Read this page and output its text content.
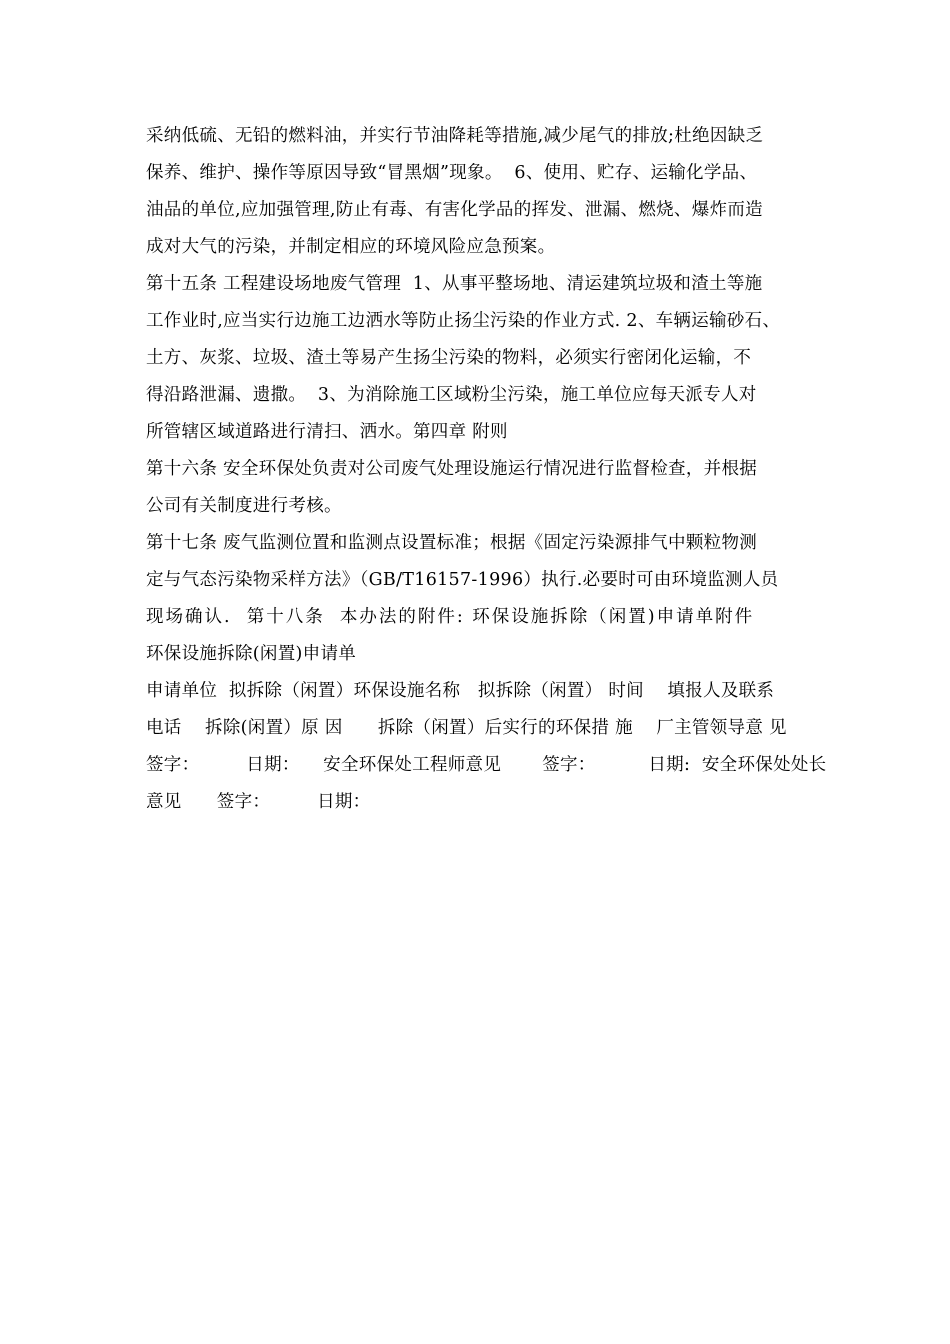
采纳低硫、无铅的燃料油，并实行节油降耗等措施,减少尾气的排放;杜绝因缺乏
保养、维护、操作等原因导致“冒黑烟”现象。  6、使用、贮存、运输化学品、
油品的单位,应加强管理,防止有毒、有害化学品的挥发、泄漏、燃烧、爆炸而造
成对大气的污染，并制定相应的环境风险应急预案。
第十五条 工程建设场地废气管理  1、从事平整场地、清运建筑垃圾和渣土等施
工作业时,应当实行边施工边洒水等防止扬尘污染的作业方式. 2、车辆运输砂石、
土方、灰浆、垃圾、渣土等易产生扬尘污染的物料，必须实行密闭化运输，不
得沿路泄漏、遗撒。  3、为消除施工区域粉尘污染，施工单位应每天派专人对
所管辖区域道路进行清扫、洒水。第四章 附则
第十六条 安全环保处负责对公司废气处理设施运行情况进行监督检查，并根据
公司有关制度进行考核。
第十七条 废气监测位置和监测点设置标准；根据《固定污染源排气中颗粒物测
定与气态污染物采样方法》（GB/T16157-1996）执行.必要时可由环境监测人员
现场确认.  第十八条  本办法的附件: 环保设施拆除（闲置)申请单附件
环保设施拆除(闲置)申请单
申请单位  拟拆除（闲置）环保设施名称   拟拆除（闲置） 时间    填报人及联系
电话    拆除(闲置）原 因      拆除（闲置）后实行的环保措 施    厂主管领导意 见
签字：        日期：    安全环保处工程师意见       签字：         日期:  安全环保处处长
意见      签字：        日期：
